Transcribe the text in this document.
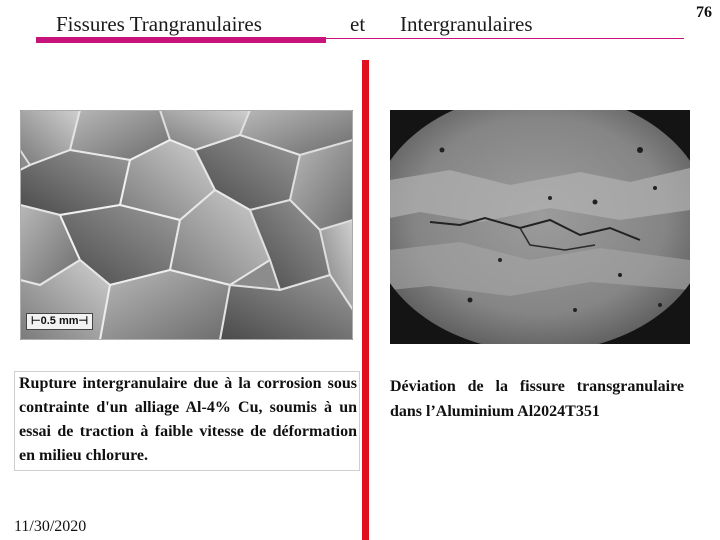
Fissures Trangranulaires	et Intergranulaires	76
⊢0.5 mm⊣
Rupture intergranulaire due à la corrosion sous contrainte d'un alliage Al-4% Cu, soumis à un essai de traction à faible vitesse de déformation en milieu chlorure.
Déviation de la fissure transgranulaire dans l’Aluminium Al2024T351
11/30/2020
